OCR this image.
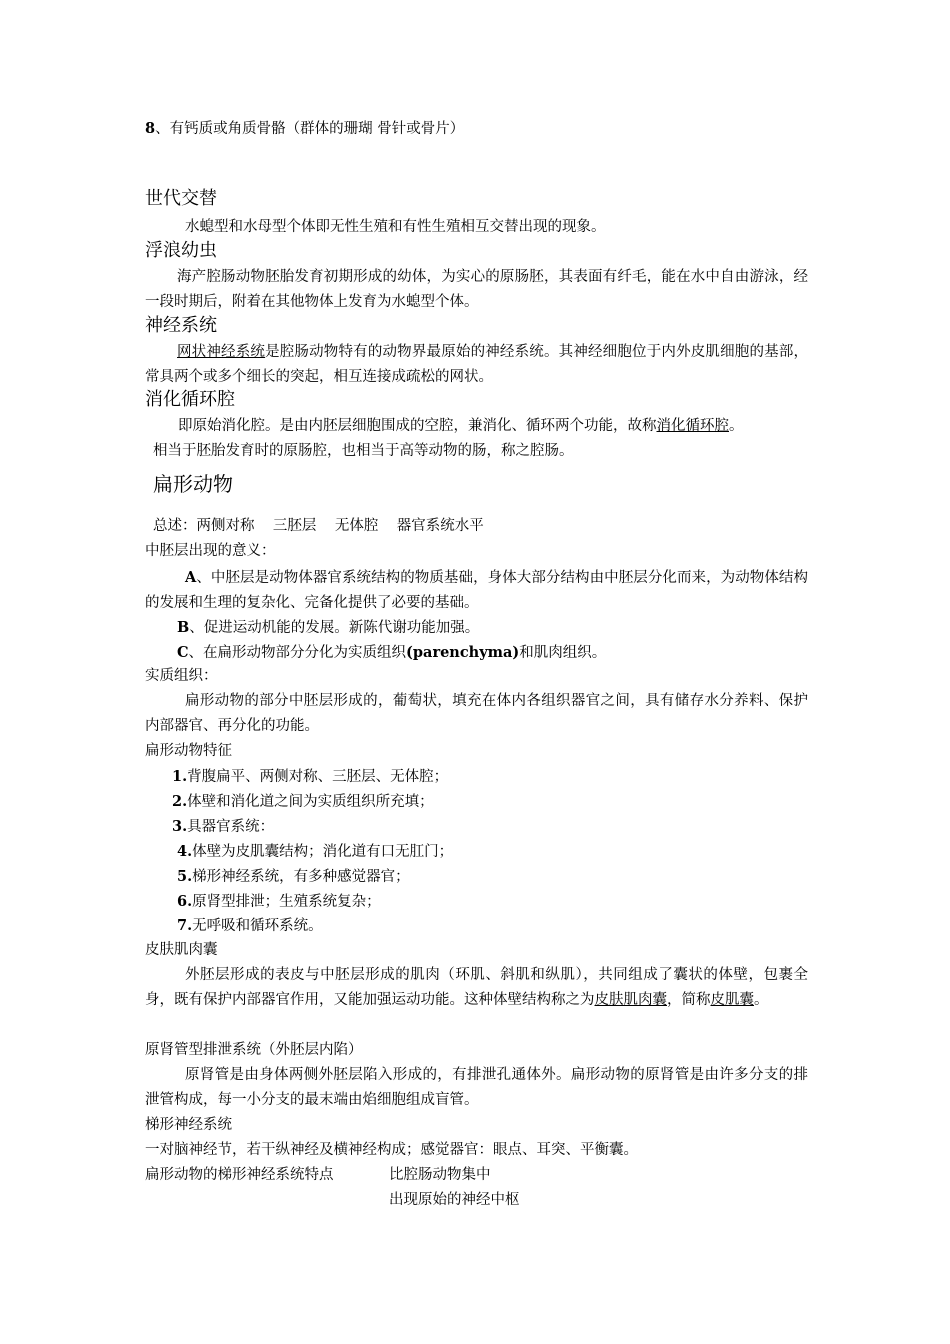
8、有钙质或角质骨骼（群体的珊瑚 骨针或骨片）
世代交替
水螅型和水母型个体即无性生殖和有性生殖相互交替出现的现象。
浮浪幼虫
海产腔肠动物胚胎发育初期形成的幼体，为实心的原肠胚，其表面有纤毛，能在水中自由游泳，经一段时期后，附着在其他物体上发育为水螅型个体。
神经系统
网状神经系统是腔肠动物特有的动物界最原始的神经系统。其神经细胞位于内外皮肌细胞的基部，常具两个或多个细长的突起，相互连接成疏松的网状。
消化循环腔
即原始消化腔。是由内胚层细胞围成的空腔，兼消化、循环两个功能，故称消化循环腔。
相当于胚胎发育时的原肠腔，也相当于高等动物的肠，称之腔肠。
扁形动物
总述：两侧对称    三胚层    无体腔    器官系统水平
中胚层出现的意义：
A、中胚层是动物体器官系统结构的物质基础，身体大部分结构由中胚层分化而来，为动物体结构的发展和生理的复杂化、完备化提供了必要的基础。
B、促进运动机能的发展。新陈代谢功能加强。
C、在扁形动物部分分化为实质组织(parenchyma)和肌肉组织。
实质组织：
扁形动物的部分中胚层形成的，葡萄状，填充在体内各组织器官之间，具有储存水分养料、保护内部器官、再分化的功能。
扁形动物特征
1.背腹扁平、两侧对称、三胚层、无体腔；
2.体壁和消化道之间为实质组织所充填；
3.具器官系统：
4.体壁为皮肌囊结构；消化道有口无肛门；
5.梯形神经系统，有多种感觉器官；
6.原肾型排泄；生殖系统复杂；
7.无呼吸和循环系统。
皮肤肌肉囊
外胚层形成的表皮与中胚层形成的肌肉（环肌、斜肌和纵肌），共同组成了囊状的体壁，包裹全身，既有保护内部器官作用，又能加强运动功能。这种体壁结构称之为皮肤肌肉囊，简称皮肌囊。
原肾管型排泄系统（外胚层内陷）
原肾管是由身体两侧外胚层陷入形成的，有排泄孔通体外。扁形动物的原肾管是由许多分支的排泄管构成，每一小分支的最末端由焰细胞组成盲管。
梯形神经系统
一对脑神经节，若干纵神经及横神经构成；感觉器官：眼点、耳突、平衡囊。
扁形动物的梯形神经系统特点	比腔肠动物集中
出现原始的神经中枢
